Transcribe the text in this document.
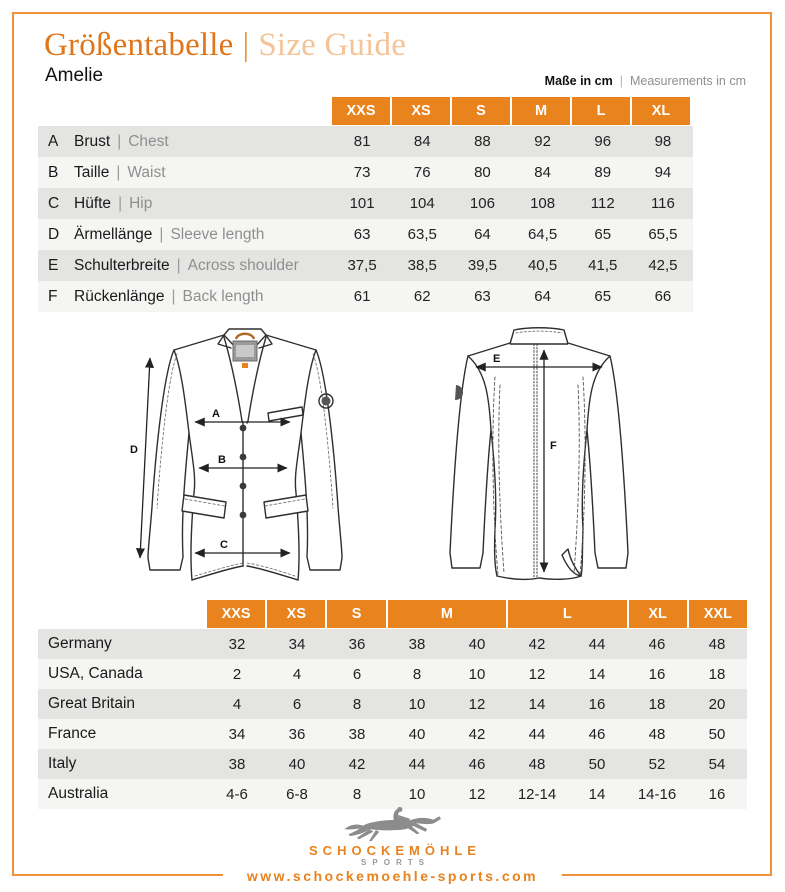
Größentabelle | Size Guide
Amelie	Maße in cm | Measurements in cm
XXS	XS	S	M	L	XL
A	Brust | Chest	81	84	88	92	96	98
B	Taille | Waist	73	76	80	84	89	94
C Hüfte | Hip	101	104	106	108	112	116
D Ärmellänge | Sleeve length	63	63,5	64	64,5	65	65,5
E	Schulterbreite | Across shoulder	37,5	38,5	39,5	40,5	41,5	42,5
F	Rückenlänge | Back length	61	62	63	64	65	66
A
B
C
D
E
F
XXS	XS	S	M	L	XL	XXL
Germany	32	34	36	38	40	42	44	46	48
USA, Canada	2	4	6	8	10	12	14	16	18
Great Britain	4	6	8	10	12	14	16	18	20
France	34	36	38	40	42	44	46	48	50
Italy	38	40	42	44	46	48	50	52	54
Australia	4-6	6-8	8	10	12	12-14	14	14-16	16
SCHOCKEMÖHLE
SPORTS
www.schockemoehle-sports.com
